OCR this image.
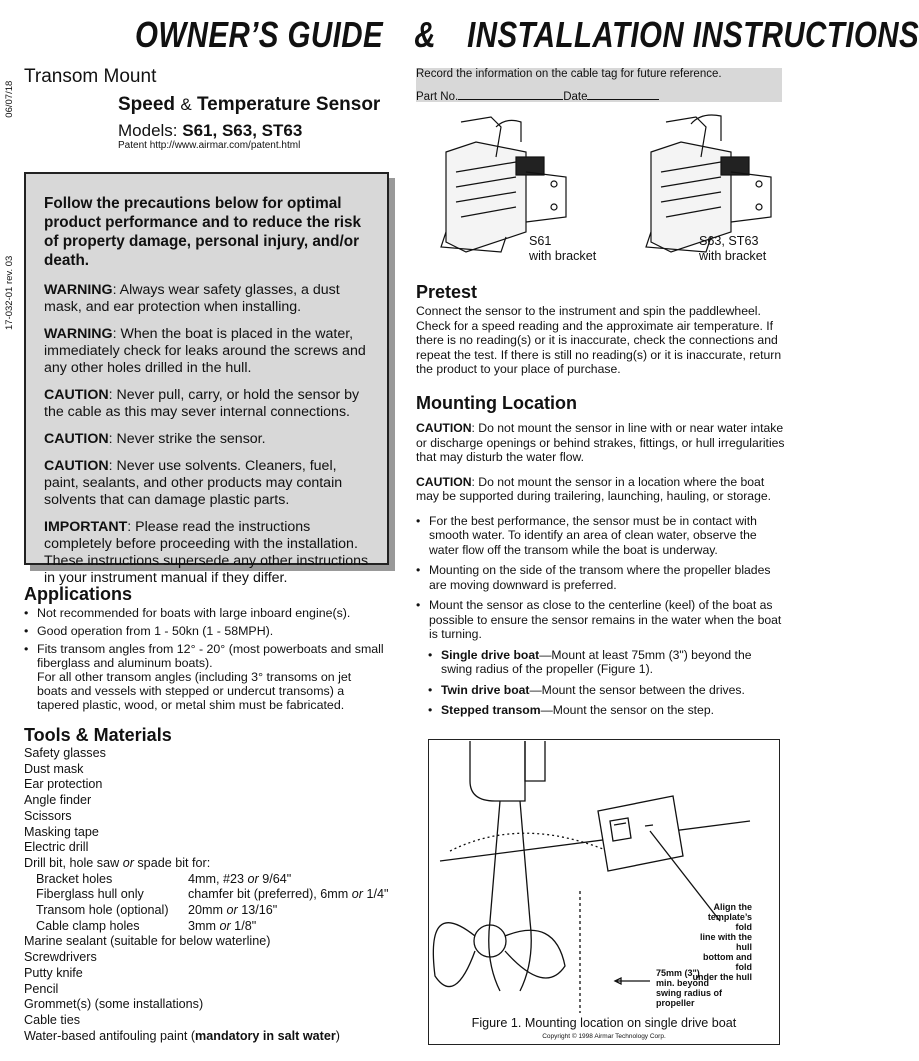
OWNER’S GUIDE & INSTALLATION INSTRUCTIONS
Transom Mount
Speed & Temperature Sensor
Models: S61, S63, ST63
Patent http://www.airmar.com/patent.html
17-032-01 rev. 0306/07/18
Follow the precautions below for optimal product performance and to reduce the risk of property damage, personal injury, and/or death.

WARNING: Always wear safety glasses, a dust mask, and ear protection when installing.

WARNING: When the boat is placed in the water, immediately check for leaks around the screws and any other holes drilled in the hull.

CAUTION: Never pull, carry, or hold the sensor by the cable as this may sever internal connections.

CAUTION: Never strike the sensor.

CAUTION: Never use solvents. Cleaners, fuel, paint, sealants, and other products may contain solvents that can damage plastic parts.

IMPORTANT: Please read the instructions completely before proceeding with the installation. These instructions supersede any other instructions in your instrument manual if they differ.

Applications
• Not recommended for boats with large inboard engine(s).
• Good operation from 1 - 50kn (1 - 58MPH).
• Fits transom angles from 12° - 20° (most powerboats and small fiberglass and aluminum boats).
For all other transom angles (including 3° transoms on jet boats and vessels with stepped or undercut transoms) a tapered plastic, wood, or metal shim must be fabricated.
Tools & Materials
Safety glasses
Dust mask
Ear protection
Angle finder
Scissors
Masking tape
Electric drill
Drill bit, hole saw or spade bit for:
Bracket holes	4mm, #23 or 9/64"
Fiberglass hull only	chamfer bit (preferred), 6mm or 1/4"
Transom hole (optional)	20mm or 13/16"
Cable clamp holes	3mm or 1/8"
Marine sealant (suitable for below waterline)
Screwdrivers
Putty knife
Pencil
Grommet(s) (some installations)
Cable ties
Water-based antifouling paint (mandatory in salt water)
Record the information on the cable tag for future reference.
Part No.	Date
S61
with bracket
S63, ST63
with bracket
Pretest
Connect the sensor to the instrument and spin the paddlewheel. Check for a speed reading and the approximate air temperature. If there is no reading(s) or it is inaccurate, check the connections and repeat the test. If there is still no reading(s) or it is inaccurate, return the product to your place of purchase.
Mounting Location

CAUTION: Do not mount the sensor in line with or near water intake or discharge openings or behind strakes, fittings, or hull irregularities that may disturb the water flow.

CAUTION: Do not mount the sensor in a location where the boat may be supported during trailering, launching, hauling, or storage.

• For the best performance, the sensor must be in contact with smooth water. To identify an area of clean water, observe the water flow off the transom while the boat is underway.
• Mounting on the side of the transom where the propeller blades are moving downward is preferred.
• Mount the sensor as close to the centerline (keel) of the boat as possible to ensure the sensor remains in the water when the boat is turning.
• Single drive boat—Mount at least 75mm (3") beyond the swing radius of the propeller (Figure 1).
• Twin drive boat—Mount the sensor between the drives.
• Stepped transom—Mount the sensor on the step.
Align the
template’s fold
line with the hull
bottom and fold
under the hull
75mm (3")
min. beyond
swing radius of
propeller
Figure 1. Mounting location on single drive boat
Copyright © 1998 Airmar Technology Corp.
